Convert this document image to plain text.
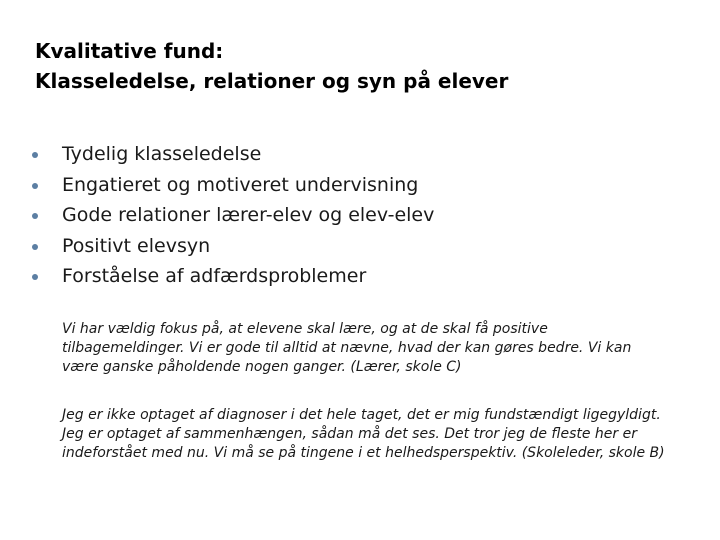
Kvalitative fund:
Klasseledelse, relationer og syn på elever
Tydelig klasseledelse
Engatieret og motiveret undervisning
Gode relationer lærer-elev og elev-elev
Positivt elevsyn
Forståelse af adfærdsproblemer
Vi har vældig fokus på, at elevene skal lære, og at de skal få positive
tilbagemeldinger. Vi er gode til alltid at nævne, hvad der kan gøres bedre. Vi kan
være ganske påholdende nogen ganger. (Lærer, skole C)
Jeg er ikke optaget af diagnoser i det hele taget, det er mig fundstændigt ligegyldigt.
Jeg er optaget af sammenhængen, sådan må det ses. Det tror jeg de fleste her er
indeforstået med nu. Vi må se på tingene i et helhedsperspektiv. (Skoleleder, skole B)
